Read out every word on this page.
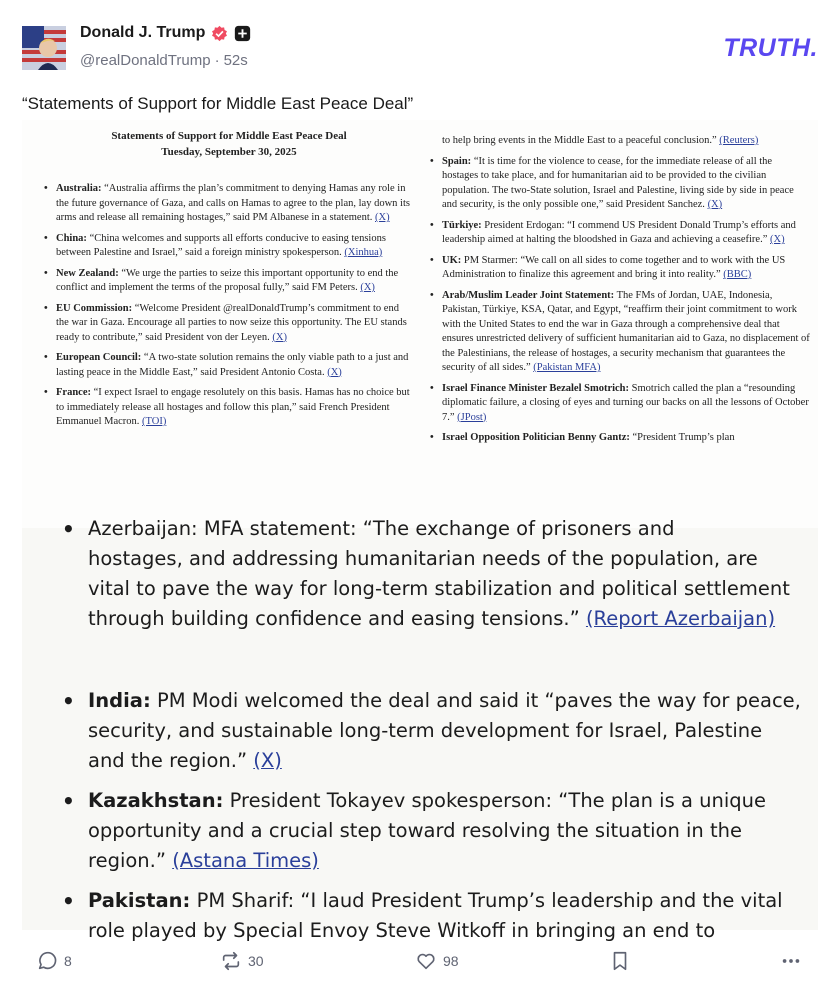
Donald J. Trump
@realDonaldTrump · 52s	TRUTH.
“Statements of Support for Middle East Peace Deal”
Statements of Support for Middle East Peace Deal
Tuesday, September 30, 2025
• Australia: “Australia affirms the plan’s commitment to denying Hamas any role in the future governance of Gaza, and calls on Hamas to agree to the plan, lay down its arms and release all remaining hostages,” said PM Albanese in a statement. (X)
• China: “China welcomes and supports all efforts conducive to easing tensions between Palestine and Israel,” said a foreign ministry spokesperson. (Xinhua)
• New Zealand: “We urge the parties to seize this important opportunity to end the conflict and implement the terms of the proposal fully,” said FM Peters. (X)
• EU Commission: “Welcome President @realDonaldTrump’s commitment to end the war in Gaza. Encourage all parties to now seize this opportunity. The EU stands ready to contribute,” said President von der Leyen. (X)
• European Council: “A two-state solution remains the only viable path to a just and lasting peace in the Middle East,” said President Antonio Costa. (X)
• France: “I expect Israel to engage resolutely on this basis. Hamas has no choice but to immediately release all hostages and follow this plan,” said French President Emmanuel Macron. (TOI)
to help bring events in the Middle East to a peaceful conclusion.” (Reuters)
• Spain: “It is time for the violence to cease, for the immediate release of all the hostages to take place, and for humanitarian aid to be provided to the civilian population. The two-State solution, Israel and Palestine, living side by side in peace and security, is the only possible one,” said President Sanchez. (X)
• Türkiye: President Erdogan: “I commend US President Donald Trump’s efforts and leadership aimed at halting the bloodshed in Gaza and achieving a ceasefire.” (X)
• UK: PM Starmer: “We call on all sides to come together and to work with the US Administration to finalize this agreement and bring it into reality.” (BBC)
• Arab/Muslim Leader Joint Statement: The FMs of Jordan, UAE, Indonesia, Pakistan, Türkiye, KSA, Qatar, and Egypt, “reaffirm their joint commitment to work with the United States to end the war in Gaza through a comprehensive deal that ensures unrestricted delivery of sufficient humanitarian aid to Gaza, no displacement of the Palestinians, the release of hostages, a security mechanism that guarantees the security of all sides.” (Pakistan MFA)
• Israel Finance Minister Bezalel Smotrich: Smotrich called the plan a “resounding diplomatic failure, a closing of eyes and turning our backs on all the lessons of October 7.” (JPost)
• Israel Opposition Politician Benny Gantz: “President Trump’s plan
• Azerbaijan: MFA statement: “The exchange of prisoners and
hostages, and addressing humanitarian needs of the population, are vital to pave the way for long-term stabilization and political settlement through building confidence and easing tensions.” (Report Azerbaijan)
• India: PM Modi welcomed the deal and said it “paves the way for peace, security, and sustainable long-term development for Israel, Palestine and the region.” (X)
• Kazakhstan: President Tokayev spokesperson: “The plan is a unique opportunity and a crucial step toward resolving the situation in the region.” (Astana Times)
• Pakistan: PM Sharif: “I laud President Trump’s leadership and the vital role played by Special Envoy Steve Witkoff in bringing an end to
8	30	98
